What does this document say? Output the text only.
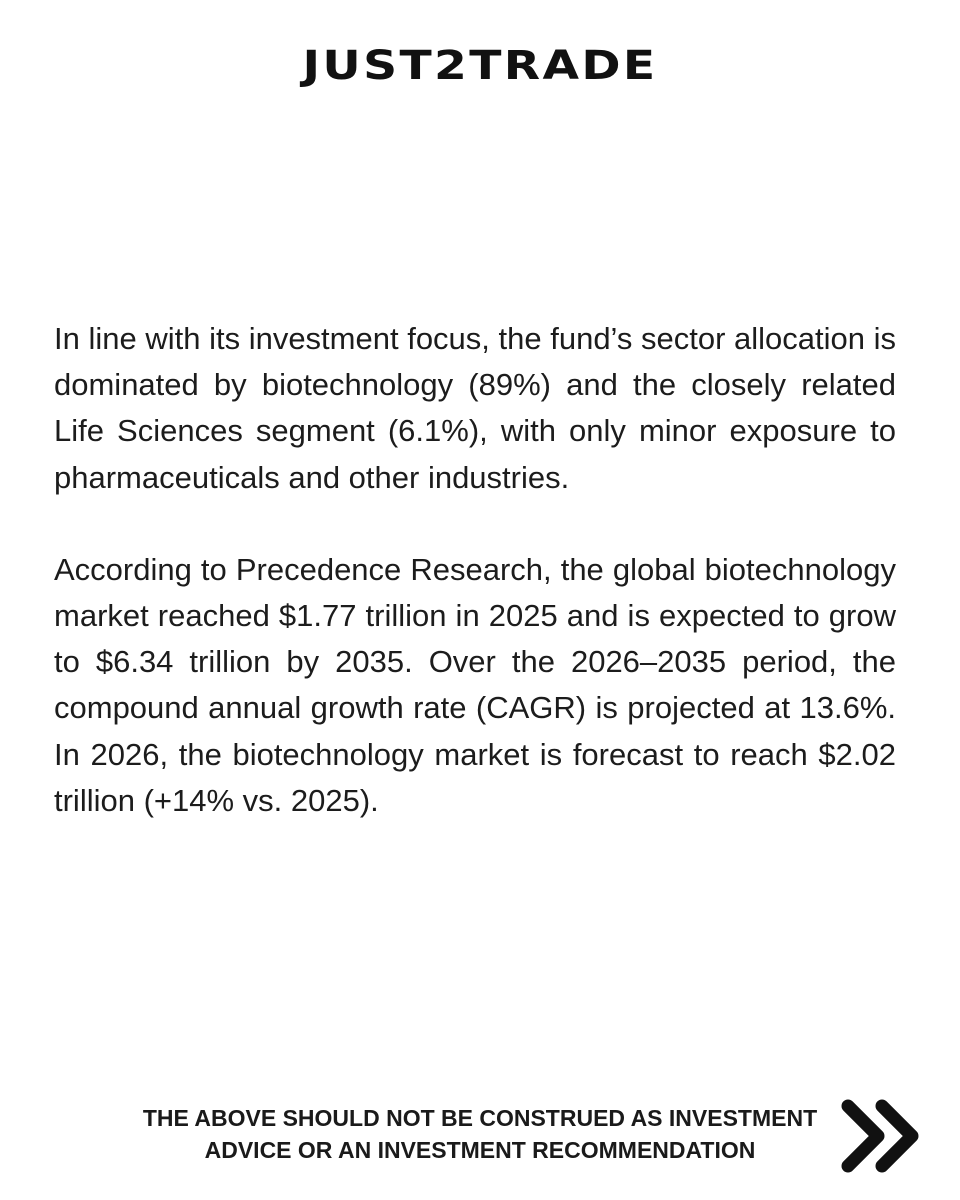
JUST2TRADE

In line with its investment focus, the fund’s sector allocation is dominated by biotechnology (89%) and the closely related Life Sciences segment (6.1%), with only minor exposure to pharmaceuticals and other industries.

According to Precedence Research, the global biotechnology market reached $1.77 trillion in 2025 and is expected to grow to $6.34 trillion by 2035. Over the 2026–2035 period, the compound annual growth rate (CAGR) is projected at 13.6%. In 2026, the biotechnology market is forecast to reach $2.02 trillion (+14% vs. 2025).

THE ABOVE SHOULD NOT BE CONSTRUED AS INVESTMENT ADVICE OR AN INVESTMENT RECOMMENDATION
